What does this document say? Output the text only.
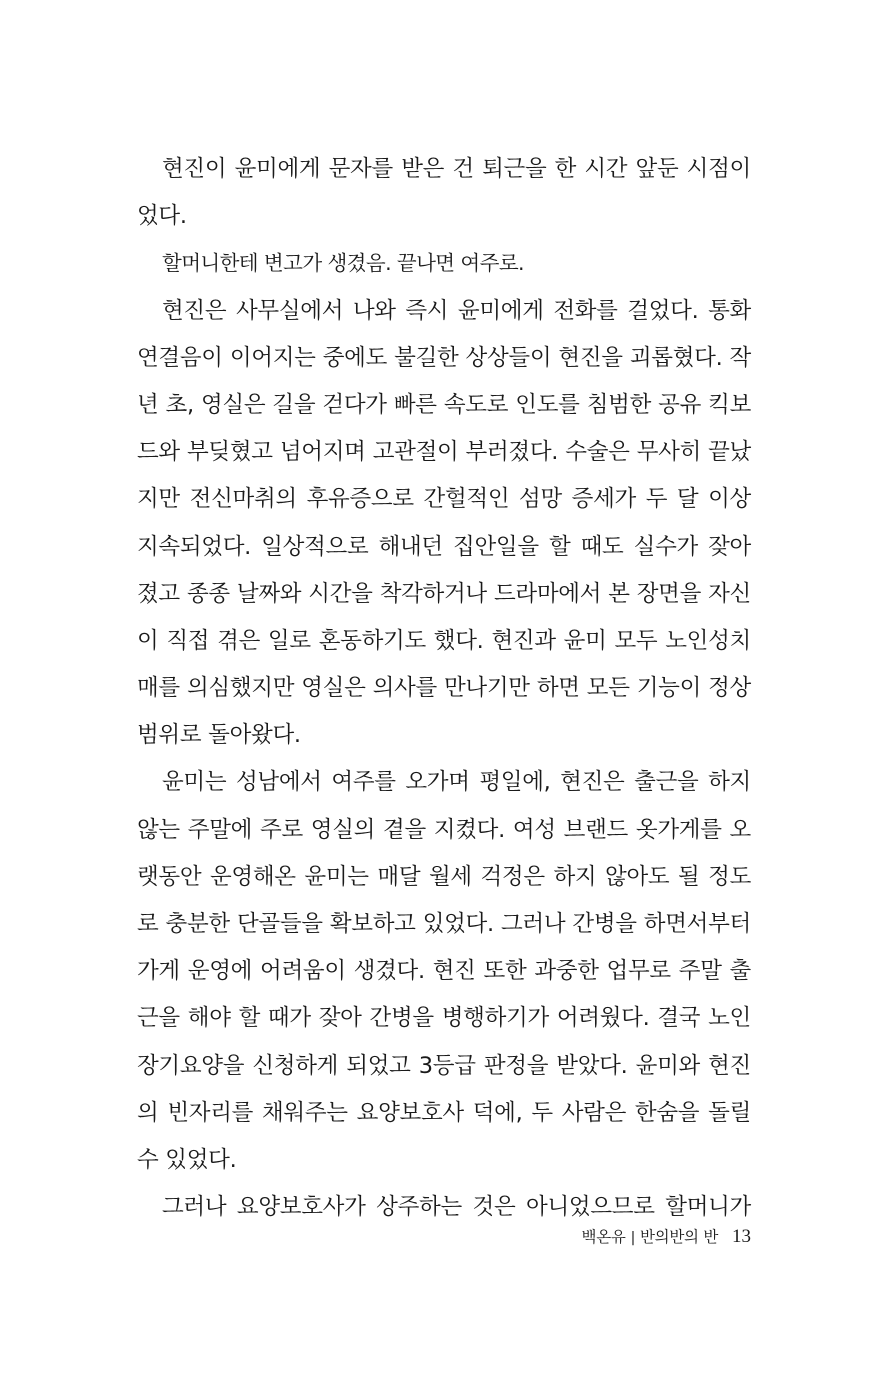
현진이 윤미에게 문자를 받은 건 퇴근을 한 시간 앞둔 시점이
었다.
할머니한테 변고가 생겼음. 끝나면 여주로.
현진은 사무실에서 나와 즉시 윤미에게 전화를 걸었다. 통화
연결음이 이어지는 중에도 불길한 상상들이 현진을 괴롭혔다. 작
년 초, 영실은 길을 걷다가 빠른 속도로 인도를 침범한 공유 킥보
드와 부딪혔고 넘어지며 고관절이 부러졌다. 수술은 무사히 끝났
지만 전신마취의 후유증으로 간헐적인 섬망 증세가 두 달 이상
지속되었다. 일상적으로 해내던 집안일을 할 때도 실수가 잦아
졌고 종종 날짜와 시간을 착각하거나 드라마에서 본 장면을 자신
이 직접 겪은 일로 혼동하기도 했다. 현진과 윤미 모두 노인성치
매를 의심했지만 영실은 의사를 만나기만 하면 모든 기능이 정상
범위로 돌아왔다.
윤미는 성남에서 여주를 오가며 평일에, 현진은 출근을 하지
않는 주말에 주로 영실의 곁을 지켰다. 여성 브랜드 옷가게를 오
랫동안 운영해온 윤미는 매달 월세 걱정은 하지 않아도 될 정도
로 충분한 단골들을 확보하고 있었다. 그러나 간병을 하면서부터
가게 운영에 어려움이 생겼다. 현진 또한 과중한 업무로 주말 출
근을 해야 할 때가 잦아 간병을 병행하기가 어려웠다. 결국 노인
장기요양을 신청하게 되었고 3등급 판정을 받았다. 윤미와 현진
의 빈자리를 채워주는 요양보호사 덕에, 두 사람은 한숨을 돌릴
수 있었다.
그러나 요양보호사가 상주하는 것은 아니었으므로 할머니가
백온유 | 반의반의 반 13
